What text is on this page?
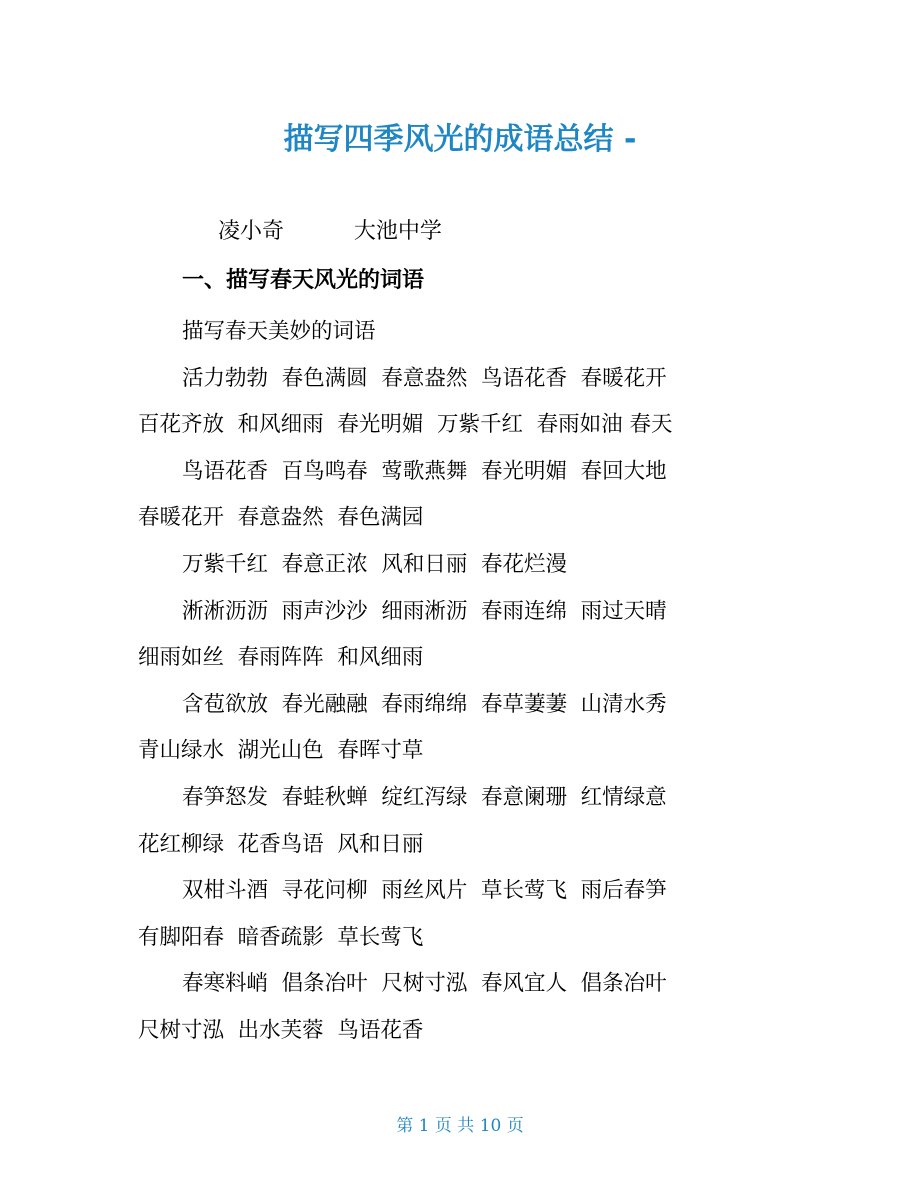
描写四季风光的成语总结 -
凌小奇          大池中学
一、描写春天风光的词语
描写春天美妙的词语
活力勃勃  春色满圆  春意盎然  鸟语花香  春暖花开
百花齐放  和风细雨  春光明媚  万紫千红  春雨如油 春天
鸟语花香  百鸟鸣春  莺歌燕舞  春光明媚  春回大地
春暖花开  春意盎然  春色满园
万紫千红  春意正浓  风和日丽  春花烂漫
淅淅沥沥  雨声沙沙  细雨淅沥  春雨连绵  雨过天晴
细雨如丝  春雨阵阵  和风细雨
含苞欲放  春光融融  春雨绵绵  春草萋萋  山清水秀
青山绿水  湖光山色  春晖寸草
春笋怒发  春蛙秋蝉  绽红泻绿  春意阑珊  红情绿意
花红柳绿  花香鸟语  风和日丽
双柑斗酒  寻花问柳  雨丝风片  草长莺飞  雨后春笋
有脚阳春  暗香疏影  草长莺飞
春寒料峭  倡条冶叶  尺树寸泓  春风宜人  倡条冶叶
尺树寸泓  出水芙蓉  鸟语花香
第 1 页 共 10 页
